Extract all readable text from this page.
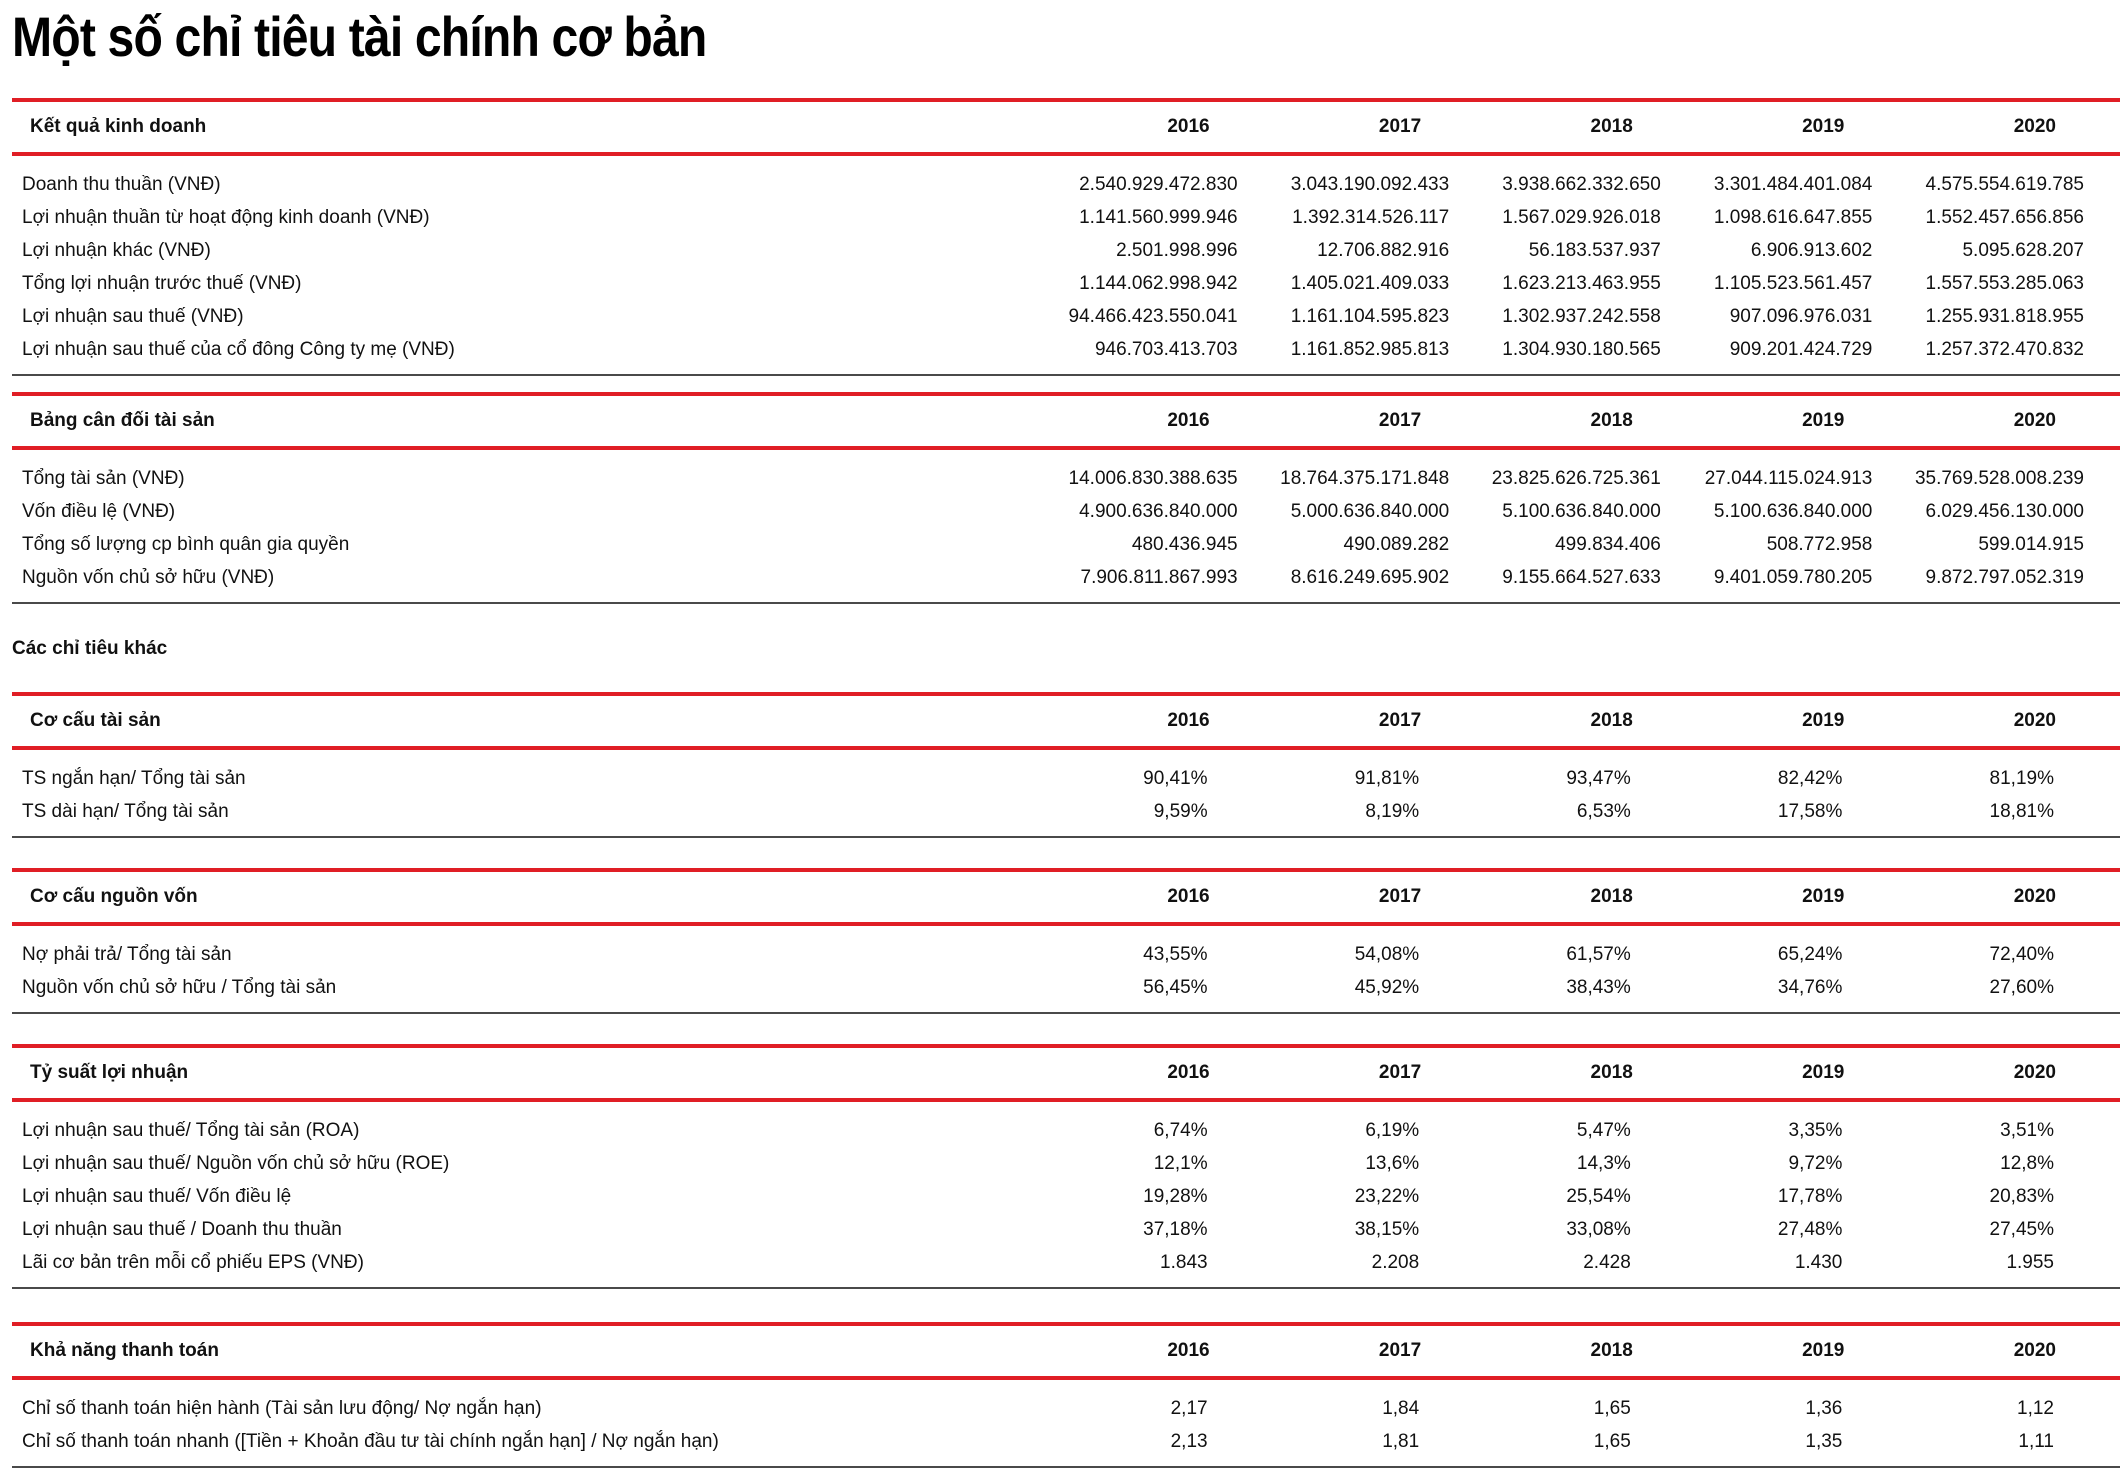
Một số chỉ tiêu tài chính cơ bản
Kết quả kinh doanh	2016	2017	2018	2019	2020
Doanh thu thuần (VNĐ)	2.540.929.472.830	3.043.190.092.433	3.938.662.332.650	3.301.484.401.084	4.575.554.619.785
Lợi nhuận thuần từ hoạt động kinh doanh (VNĐ)	1.141.560.999.946	1.392.314.526.117	1.567.029.926.018	1.098.616.647.855	1.552.457.656.856
Lợi nhuận khác (VNĐ)	2.501.998.996	12.706.882.916	56.183.537.937	6.906.913.602	5.095.628.207
Tổng lợi nhuận trước thuế (VNĐ)	1.144.062.998.942	1.405.021.409.033	1.623.213.463.955	1.105.523.561.457	1.557.553.285.063
Lợi nhuận sau thuế (VNĐ)	94.466.423.550.041	1.161.104.595.823	1.302.937.242.558	907.096.976.031	1.255.931.818.955
Lợi nhuận sau thuế của cổ đông Công ty mẹ (VNĐ)	946.703.413.703	1.161.852.985.813	1.304.930.180.565	909.201.424.729	1.257.372.470.832
Bảng cân đối tài sản	2016	2017	2018	2019	2020
Tổng tài sản (VNĐ)	14.006.830.388.635	18.764.375.171.848	23.825.626.725.361	27.044.115.024.913	35.769.528.008.239
Vốn điều lệ (VNĐ)	4.900.636.840.000	5.000.636.840.000	5.100.636.840.000	5.100.636.840.000	6.029.456.130.000
Tổng số lượng cp bình quân gia quyền	480.436.945	490.089.282	499.834.406	508.772.958	599.014.915
Nguồn vốn chủ sở hữu (VNĐ)	7.906.811.867.993	8.616.249.695.902	9.155.664.527.633	9.401.059.780.205	9.872.797.052.319
Các chỉ tiêu khác
Cơ cấu tài sản	2016	2017	2018	2019	2020
TS ngắn hạn/ Tổng tài sản	90,41%	91,81%	93,47%	82,42%	81,19%
TS dài hạn/ Tổng tài sản	9,59%	8,19%	6,53%	17,58%	18,81%
Cơ cấu nguồn vốn	2016	2017	2018	2019	2020
Nợ phải trả/ Tổng tài sản	43,55%	54,08%	61,57%	65,24%	72,40%
Nguồn vốn chủ sở hữu / Tổng tài sản	56,45%	45,92%	38,43%	34,76%	27,60%
Tỷ suất lợi nhuận	2016	2017	2018	2019	2020
Lợi nhuận sau thuế/ Tổng tài sản (ROA)	6,74%	6,19%	5,47%	3,35%	3,51%
Lợi nhuận sau thuế/ Nguồn vốn chủ sở hữu (ROE)	12,1%	13,6%	14,3%	9,72%	12,8%
Lợi nhuận sau thuế/ Vốn điều lệ	19,28%	23,22%	25,54%	17,78%	20,83%
Lợi nhuận sau thuế / Doanh thu thuần	37,18%	38,15%	33,08%	27,48%	27,45%
Lãi cơ bản trên mỗi cổ phiếu EPS (VNĐ)	1.843	2.208	2.428	1.430	1.955
Khả năng thanh toán	2016	2017	2018	2019	2020
Chỉ số thanh toán hiện hành (Tài sản lưu động/ Nợ ngắn hạn)	2,17	1,84	1,65	1,36	1,12
Chỉ số thanh toán nhanh ([Tiền + Khoản đầu tư tài chính ngắn hạn] / Nợ ngắn hạn)	2,13	1,81	1,65	1,35	1,11
